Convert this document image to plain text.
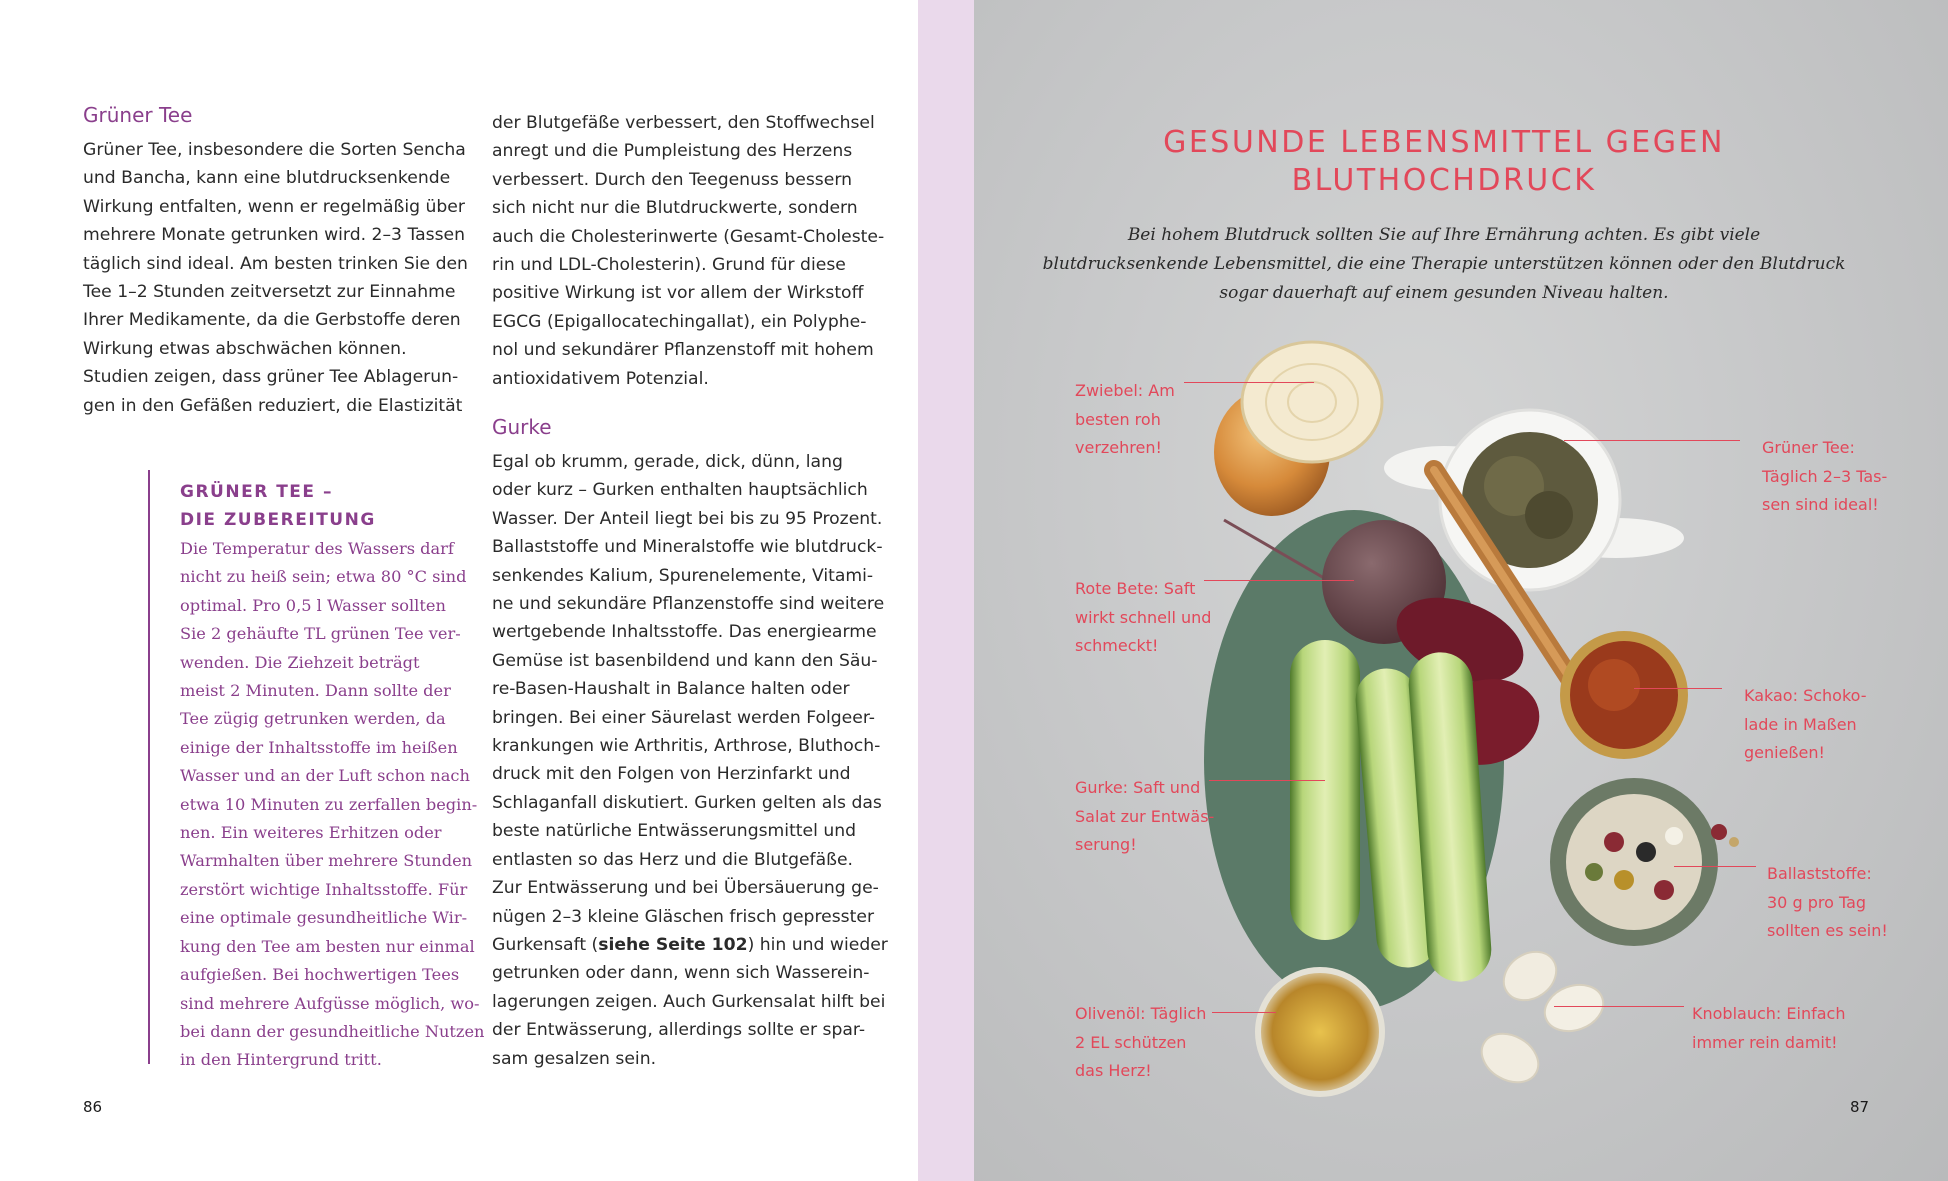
Grüner Tee

Grüner Tee, insbesondere die Sorten Sencha
und Bancha, kann eine blutdrucksenkende
Wirkung entfalten, wenn er regelmäßig über
mehrere Monate getrunken wird. 2–3 Tassen
täglich sind ideal. Am besten trinken Sie den
Tee 1–2 Stunden zeitversetzt zur Einnahme
Ihrer Medikamente, da die Gerbstoffe deren
Wirkung etwas abschwächen können.
Studien zeigen, dass grüner Tee Ablagerun-
gen in den Gefäßen reduziert, die Elastizität

GRÜNER TEE –
DIE ZUBEREITUNG

Die Temperatur des Wassers darf
nicht zu heiß sein; etwa 80 °C sind
optimal. Pro 0,5 l Wasser sollten
Sie 2 gehäufte TL grünen Tee ver-
wenden. Die Ziehzeit beträgt
meist 2 Minuten. Dann sollte der
Tee zügig getrunken werden, da
einige der Inhaltsstoffe im heißen
Wasser und an der Luft schon nach
etwa 10 Minuten zu zerfallen begin-
nen. Ein weiteres Erhitzen oder
Warmhalten über mehrere Stunden
zerstört wichtige Inhaltsstoffe. Für
eine optimale gesundheitliche Wir-
kung den Tee am besten nur einmal
aufgießen. Bei hochwertigen Tees
sind mehrere Aufgüsse möglich, wo-
bei dann der gesundheitliche Nutzen
in den Hintergrund tritt.

der Blutgefäße verbessert, den Stoffwechsel
anregt und die Pumpleistung des Herzens
verbessert. Durch den Teegenuss bessern
sich nicht nur die Blutdruckwerte, sondern
auch die Cholesterinwerte (Gesamt-Choleste-
rin und LDL-Cholesterin). Grund für diese
positive Wirkung ist vor allem der Wirkstoff
EGCG (Epigallocatechingallat), ein Polyphe-
nol und sekundärer Pflanzenstoff mit hohem
antioxidativem Potenzial.

Gurke

Egal ob krumm, gerade, dick, dünn, lang
oder kurz – Gurken enthalten hauptsächlich
Wasser. Der Anteil liegt bei bis zu 95 Prozent.
Ballaststoffe und Mineralstoffe wie blutdruck-
senkendes Kalium, Spurenelemente, Vitami-
ne und sekundäre Pflanzenstoffe sind weitere
wertgebende Inhaltsstoffe. Das energiearme
Gemüse ist basenbildend und kann den Säu-
re-Basen-Haushalt in Balance halten oder
bringen. Bei einer Säurelast werden Folgeer-
krankungen wie Arthritis, Arthrose, Bluthoch-
druck mit den Folgen von Herzinfarkt und
Schlaganfall diskutiert. Gurken gelten als das
beste natürliche Entwässerungsmittel und
entlasten so das Herz und die Blutgefäße.
Zur Entwässerung und bei Übersäuerung ge-
nügen 2–3 kleine Gläschen frisch gepresster
Gurkensaft (siehe Seite 102) hin und wieder
getrunken oder dann, wenn sich Wasserein-
lagerungen zeigen. Auch Gurkensalat hilft bei
der Entwässerung, allerdings sollte er spar-
sam gesalzen sein.

86
GESUNDE LEBENSMITTEL GEGEN
BLUTHOCHDRUCK

Bei hohem Blutdruck sollten Sie auf Ihre Ernährung achten. Es gibt viele
blutdrucksenkende Lebensmittel, die eine Therapie unterstützen können oder den Blutdruck
sogar dauerhaft auf einem gesunden Niveau halten.

Zwiebel: Am
besten roh
verzehren!	Grüner Tee:
Täglich 2–3 Tas-
sen sind ideal!

Rote Bete: Saft
wirkt schnell und
schmeckt!

Kakao: Schoko-
lade in Maßen
genießen!

Gurke: Saft und
Salat zur Entwäs-
serung!

Ballaststoffe:
30 g pro Tag
sollten es sein!

Olivenöl: Täglich
2 EL schützen
das Herz!

Knoblauch: Einfach
immer rein damit!

87
